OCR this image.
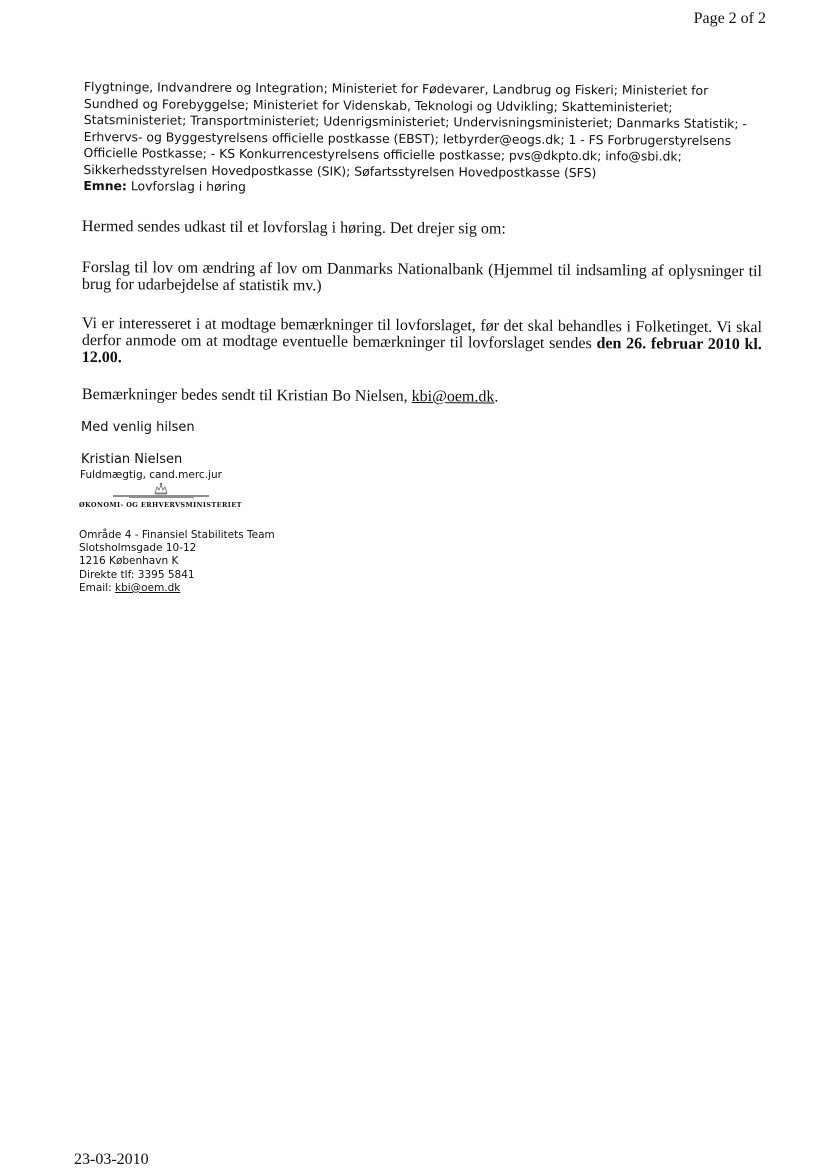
Page 2 of 2
Flygtninge, Indvandrere og Integration; Ministeriet for Fødevarer, Landbrug og Fiskeri; Ministeriet for
Sundhed og Forebyggelse; Ministeriet for Videnskab, Teknologi og Udvikling; Skatteministeriet;
Statsministeriet; Transportministeriet; Udenrigsministeriet; Undervisningsministeriet; Danmarks Statistik; -
Erhvervs- og Byggestyrelsens officielle postkasse (EBST); letbyrder@eogs.dk; 1 - FS Forbrugerstyrelsens
Officielle Postkasse; - KS Konkurrencestyrelsens officielle postkasse; pvs@dkpto.dk; info@sbi.dk;
Sikkerhedsstyrelsen Hovedpostkasse (SIK); Søfartsstyrelsen Hovedpostkasse (SFS)
Emne: Lovforslag i høring
Hermed sendes udkast til et lovforslag i høring. Det drejer sig om:
Forslag til lov om ændring af lov om Danmarks Nationalbank (Hjemmel til indsamling af oplysninger til brug for udarbejdelse af statistik mv.)
Vi er interesseret i at modtage bemærkninger til lovforslaget, før det skal behandles i Folketinget. Vi skal derfor anmode om at modtage eventuelle bemærkninger til lovforslaget sendes den 26. februar 2010 kl. 12.00.
Bemærkninger bedes sendt til Kristian Bo Nielsen, kbi@oem.dk.
Med venlig hilsen
Kristian Nielsen
Fuldmægtig, cand.merc.jur
ØKONOMI- OG ERHVERVSMINISTERIET
Område 4 - Finansiel Stabilitets Team
Slotsholmsgade 10-12
1216 København K
Direkte tlf: 3395 5841
Email: kbi@oem.dk
23-03-2010
